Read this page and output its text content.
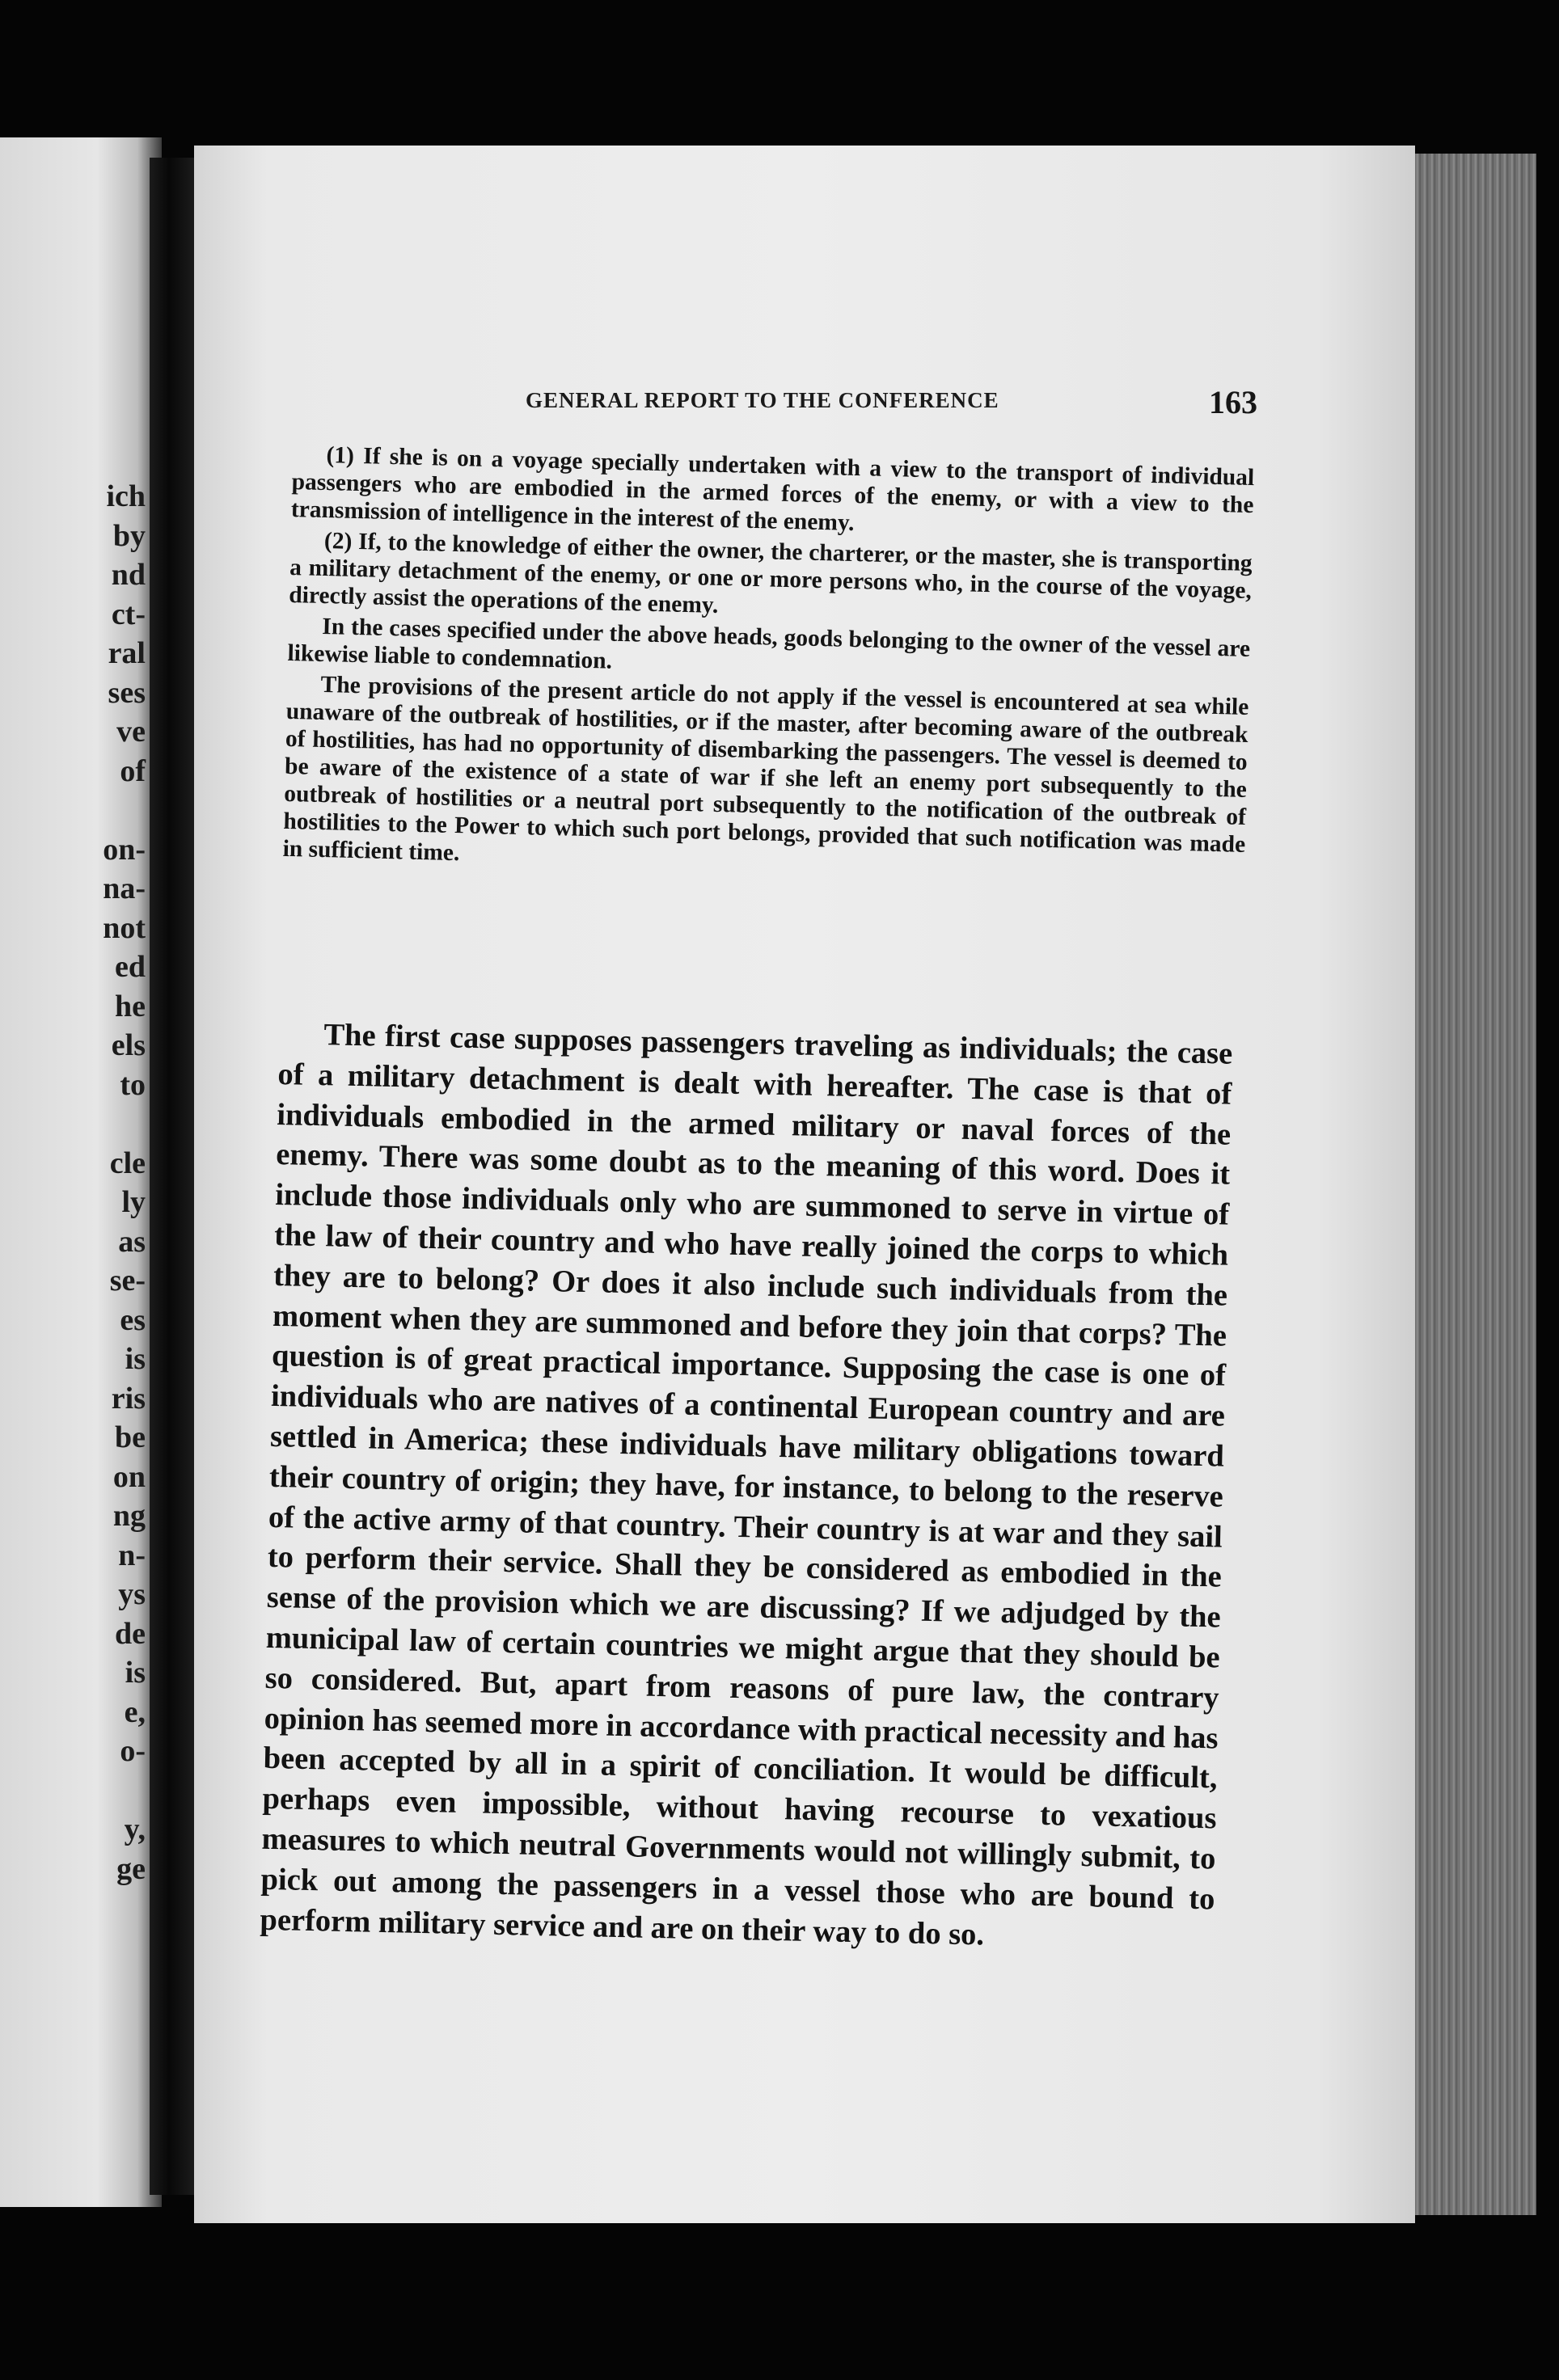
ich
by
nd
ct-
ral
ses
ve
of
on-
na-
not
ed
he
els
to
cle
ly
as
se-
es
is
ris
be
on
ng
n-
ys
de
is
e,
o-
y,
ge
GENERAL REPORT TO THE CONFERENCE	163

(1) If she is on a voyage specially undertaken with a view to the transport of individual passengers who are embodied in the armed forces of the enemy, or with a view to the transmission of intelligence in the interest of the enemy.

(2) If, to the knowledge of either the owner, the charterer, or the master, she is transporting a military detachment of the enemy, or one or more persons who, in the course of the voyage, directly assist the operations of the enemy.

In the cases specified under the above heads, goods belonging to the owner of the vessel are likewise liable to condemnation.

The provisions of the present article do not apply if the vessel is encountered at sea while unaware of the outbreak of hostilities, or if the master, after becoming aware of the outbreak of hostilities, has had no opportunity of disembarking the passengers. The vessel is deemed to be aware of the existence of a state of war if she left an enemy port subsequently to the outbreak of hostilities or a neutral port subsequently to the notification of the outbreak of hostilities to the Power to which such port belongs, provided that such notification was made in sufficient time.

The first case supposes passengers traveling as individuals; the case of a military detachment is dealt with hereafter. The case is that of individuals embodied in the armed military or naval forces of the enemy. There was some doubt as to the meaning of this word. Does it include those individuals only who are summoned to serve in virtue of the law of their country and who have really joined the corps to which they are to belong? Or does it also include such individuals from the moment when they are summoned and before they join that corps? The question is of great practical importance. Supposing the case is one of individuals who are natives of a continental European country and are settled in America; these individuals have military obligations toward their country of origin; they have, for instance, to belong to the reserve of the active army of that country. Their country is at war and they sail to perform their service. Shall they be considered as embodied in the sense of the provision which we are discussing? If we adjudged by the municipal law of certain countries we might argue that they should be so considered. But, apart from reasons of pure law, the contrary opinion has seemed more in accordance with practical necessity and has been accepted by all in a spirit of conciliation. It would be difficult, perhaps even impossible, without having recourse to vexatious measures to which neutral Governments would not willingly submit, to pick out among the passengers in a vessel those who are bound to perform military service and are on their way to do so.
